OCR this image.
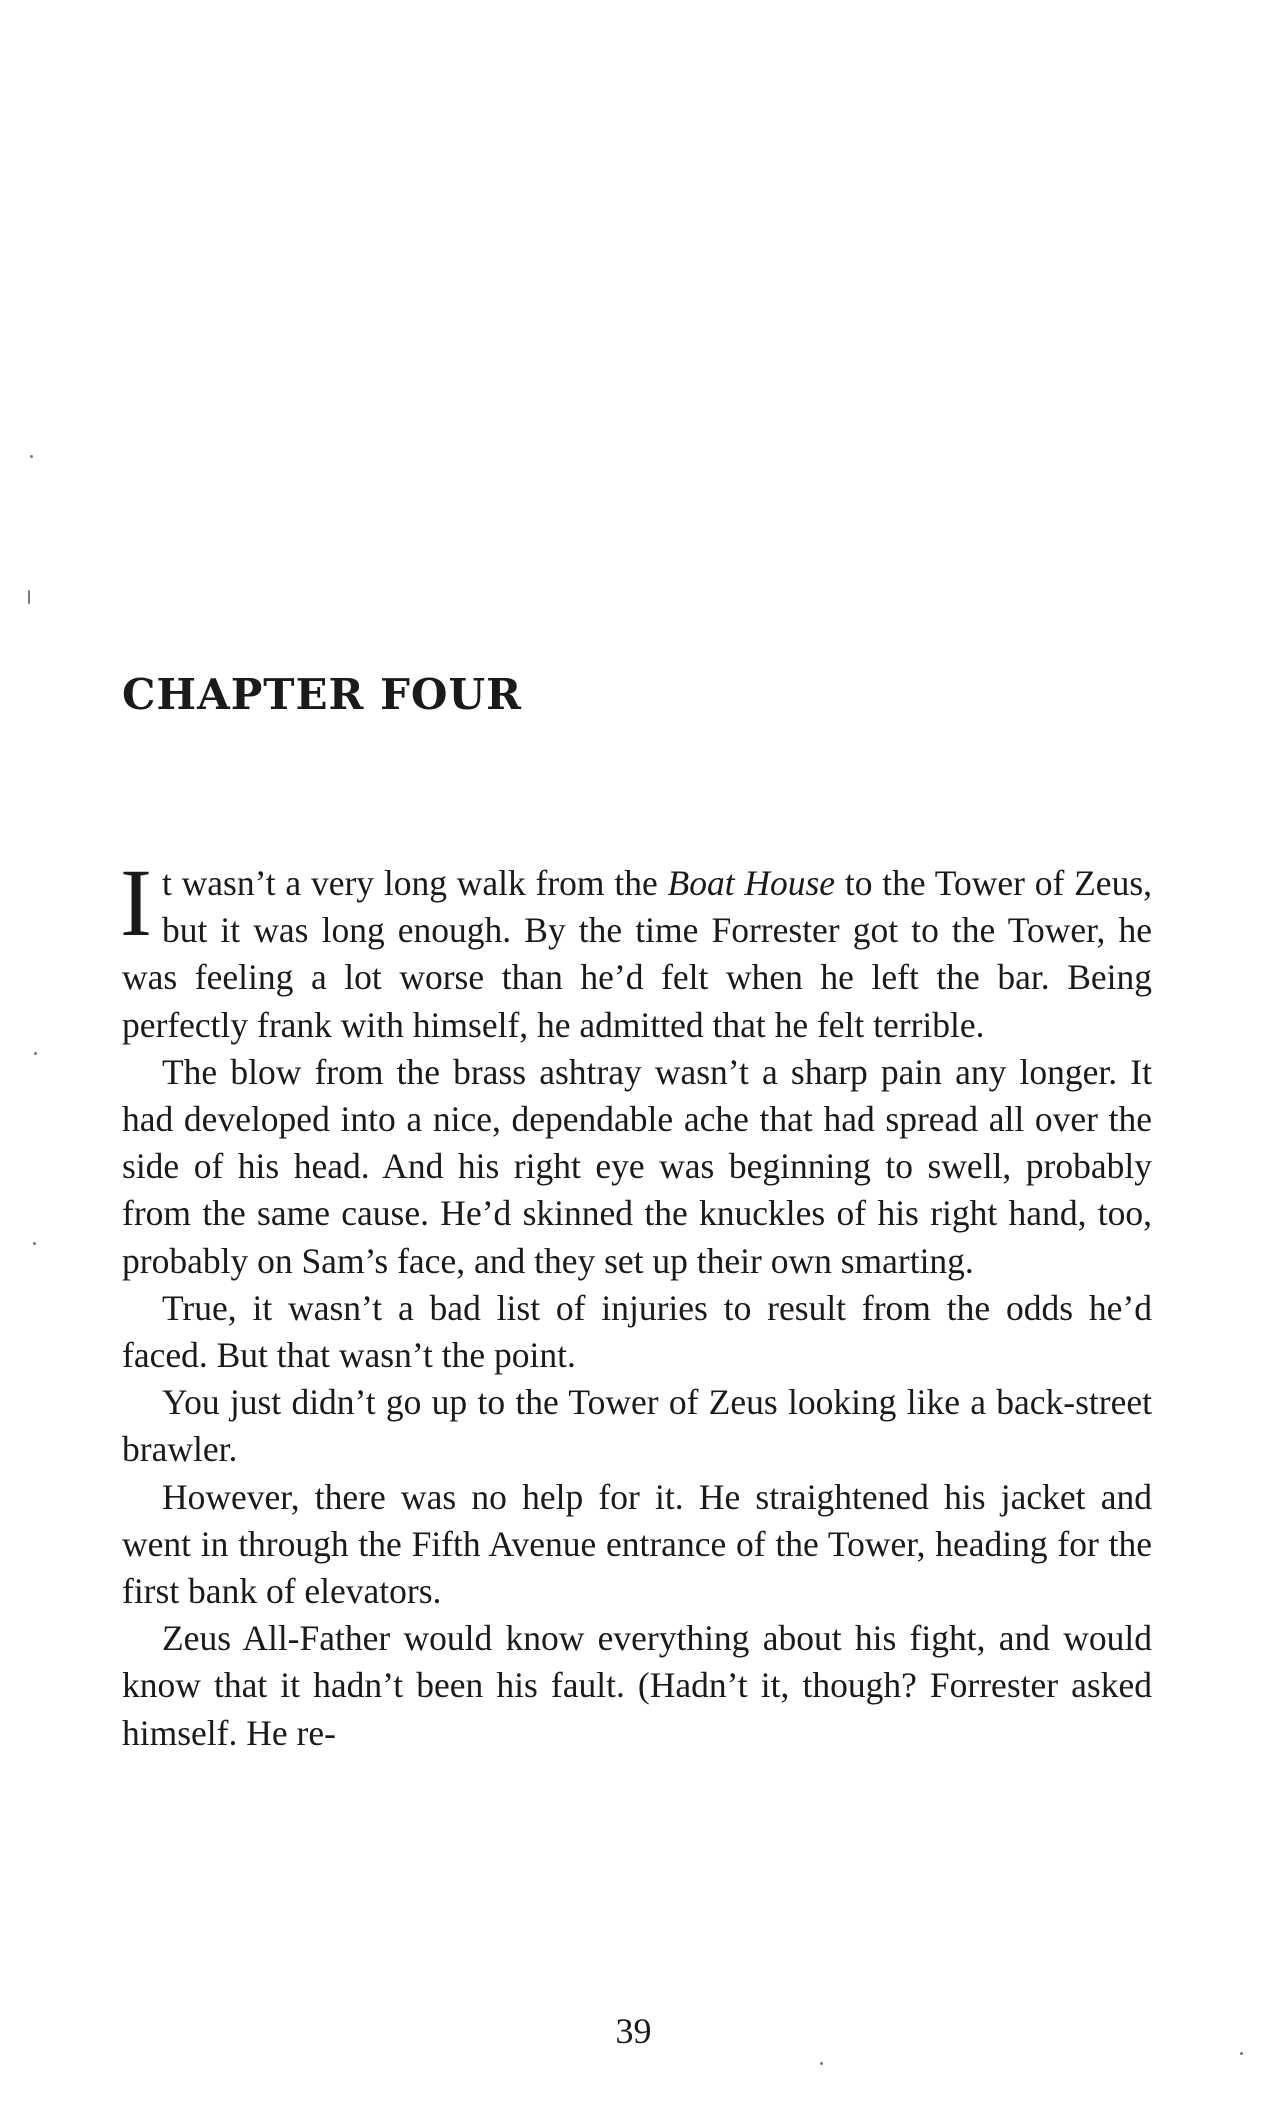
CHAPTER FOUR

It wasn’t a very long walk from the Boat House to the Tower of Zeus, but it was long enough. By the time Forrester got to the Tower, he was feeling a lot worse than he’d felt when he left the bar. Being perfectly frank with himself, he admitted that he felt terrible.

The blow from the brass ashtray wasn’t a sharp pain any longer. It had developed into a nice, dependable ache that had spread all over the side of his head. And his right eye was beginning to swell, probably from the same cause. He’d skinned the knuckles of his right hand, too, probably on Sam’s face, and they set up their own smarting.

True, it wasn’t a bad list of injuries to result from the odds he’d faced. But that wasn’t the point.

You just didn’t go up to the Tower of Zeus looking like a back-street brawler.

However, there was no help for it. He straightened his jacket and went in through the Fifth Avenue entrance of the Tower, heading for the first bank of elevators.

Zeus All-Father would know everything about his fight, and would know that it hadn’t been his fault. (Hadn’t it, though? Forrester asked himself. He re-

39
